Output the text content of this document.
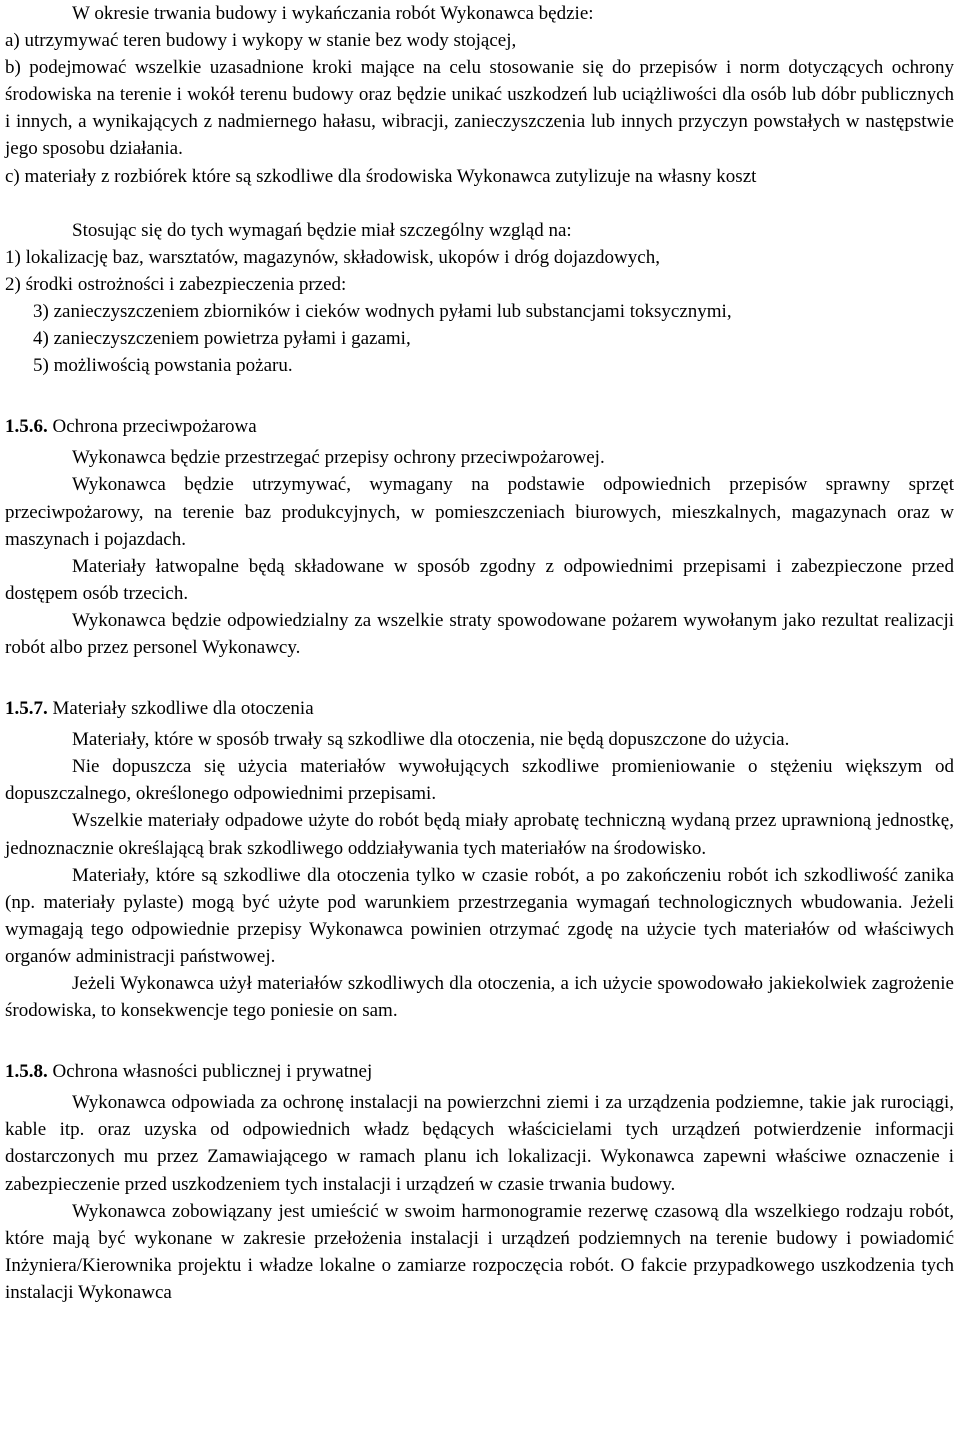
W okresie trwania budowy i wykańczania robót Wykonawca będzie:

a) utrzymywać teren budowy i wykopy w stanie bez wody stojącej,

b) podejmować wszelkie uzasadnione kroki mające na celu stosowanie się do przepisów i norm dotyczących ochrony środowiska na terenie i wokół terenu budowy oraz będzie unikać uszkodzeń lub uciążliwości dla osób lub dóbr publicznych i innych, a wynikających z nadmiernego hałasu, wibracji, zanieczyszczenia lub innych przyczyn powstałych w następstwie jego sposobu działania.

c) materiały z rozbiórek które są szkodliwe dla środowiska Wykonawca zutylizuje na własny koszt

Stosując się do tych wymagań będzie miał szczególny wzgląd na:

1) lokalizację baz, warsztatów, magazynów, składowisk, ukopów i dróg dojazdowych,

2) środki ostrożności i zabezpieczenia przed:

3) zanieczyszczeniem zbiorników i cieków wodnych pyłami lub substancjami toksycznymi,

4) zanieczyszczeniem powietrza pyłami i gazami,

5) możliwością powstania pożaru.

1.5.6. Ochrona przeciwpożarowa

Wykonawca będzie przestrzegać przepisy ochrony przeciwpożarowej.

Wykonawca będzie utrzymywać, wymagany na podstawie odpowiednich przepisów sprawny sprzęt przeciwpożarowy, na terenie baz produkcyjnych, w pomieszczeniach biurowych, mieszkalnych, magazynach oraz w maszynach i pojazdach.

Materiały łatwopalne będą składowane w sposób zgodny z odpowiednimi przepisami i zabezpieczone przed dostępem osób trzecich.

Wykonawca będzie odpowiedzialny za wszelkie straty spowodowane pożarem wywołanym jako rezultat realizacji robót albo przez personel Wykonawcy.

1.5.7. Materiały szkodliwe dla otoczenia

Materiały, które w sposób trwały są szkodliwe dla otoczenia, nie będą dopuszczone do użycia.

Nie dopuszcza się użycia materiałów wywołujących szkodliwe promieniowanie o stężeniu większym od dopuszczalnego, określonego odpowiednimi przepisami.

Wszelkie materiały odpadowe użyte do robót będą miały aprobatę techniczną wydaną przez uprawnioną jednostkę, jednoznacznie określającą brak szkodliwego oddziaływania tych materiałów na środowisko.

Materiały, które są szkodliwe dla otoczenia tylko w czasie robót, a po zakończeniu robót ich szkodliwość zanika (np. materiały pylaste) mogą być użyte pod warunkiem przestrzegania wymagań technologicznych wbudowania. Jeżeli wymagają tego odpowiednie przepisy Wykonawca powinien otrzymać zgodę na użycie tych materiałów od właściwych organów administracji państwowej.

Jeżeli Wykonawca użył materiałów szkodliwych dla otoczenia, a ich użycie spowodowało jakiekolwiek zagrożenie środowiska, to konsekwencje tego poniesie on sam.

1.5.8. Ochrona własności publicznej i prywatnej

Wykonawca odpowiada za ochronę instalacji na powierzchni ziemi i za urządzenia podziemne, takie jak rurociągi, kable itp. oraz uzyska od odpowiednich władz będących właścicielami tych urządzeń potwierdzenie informacji dostarczonych mu przez Zamawiającego w ramach planu ich lokalizacji. Wykonawca zapewni właściwe oznaczenie i zabezpieczenie przed uszkodzeniem tych instalacji i urządzeń w czasie trwania budowy.

Wykonawca zobowiązany jest umieścić w swoim harmonogramie rezerwę czasową dla wszelkiego rodzaju robót, które mają być wykonane w zakresie przełożenia instalacji i urządzeń podziemnych na terenie budowy i powiadomić Inżyniera/Kierownika projektu i władze lokalne o zamiarze rozpoczęcia robót. O fakcie przypadkowego uszkodzenia tych instalacji Wykonawca
